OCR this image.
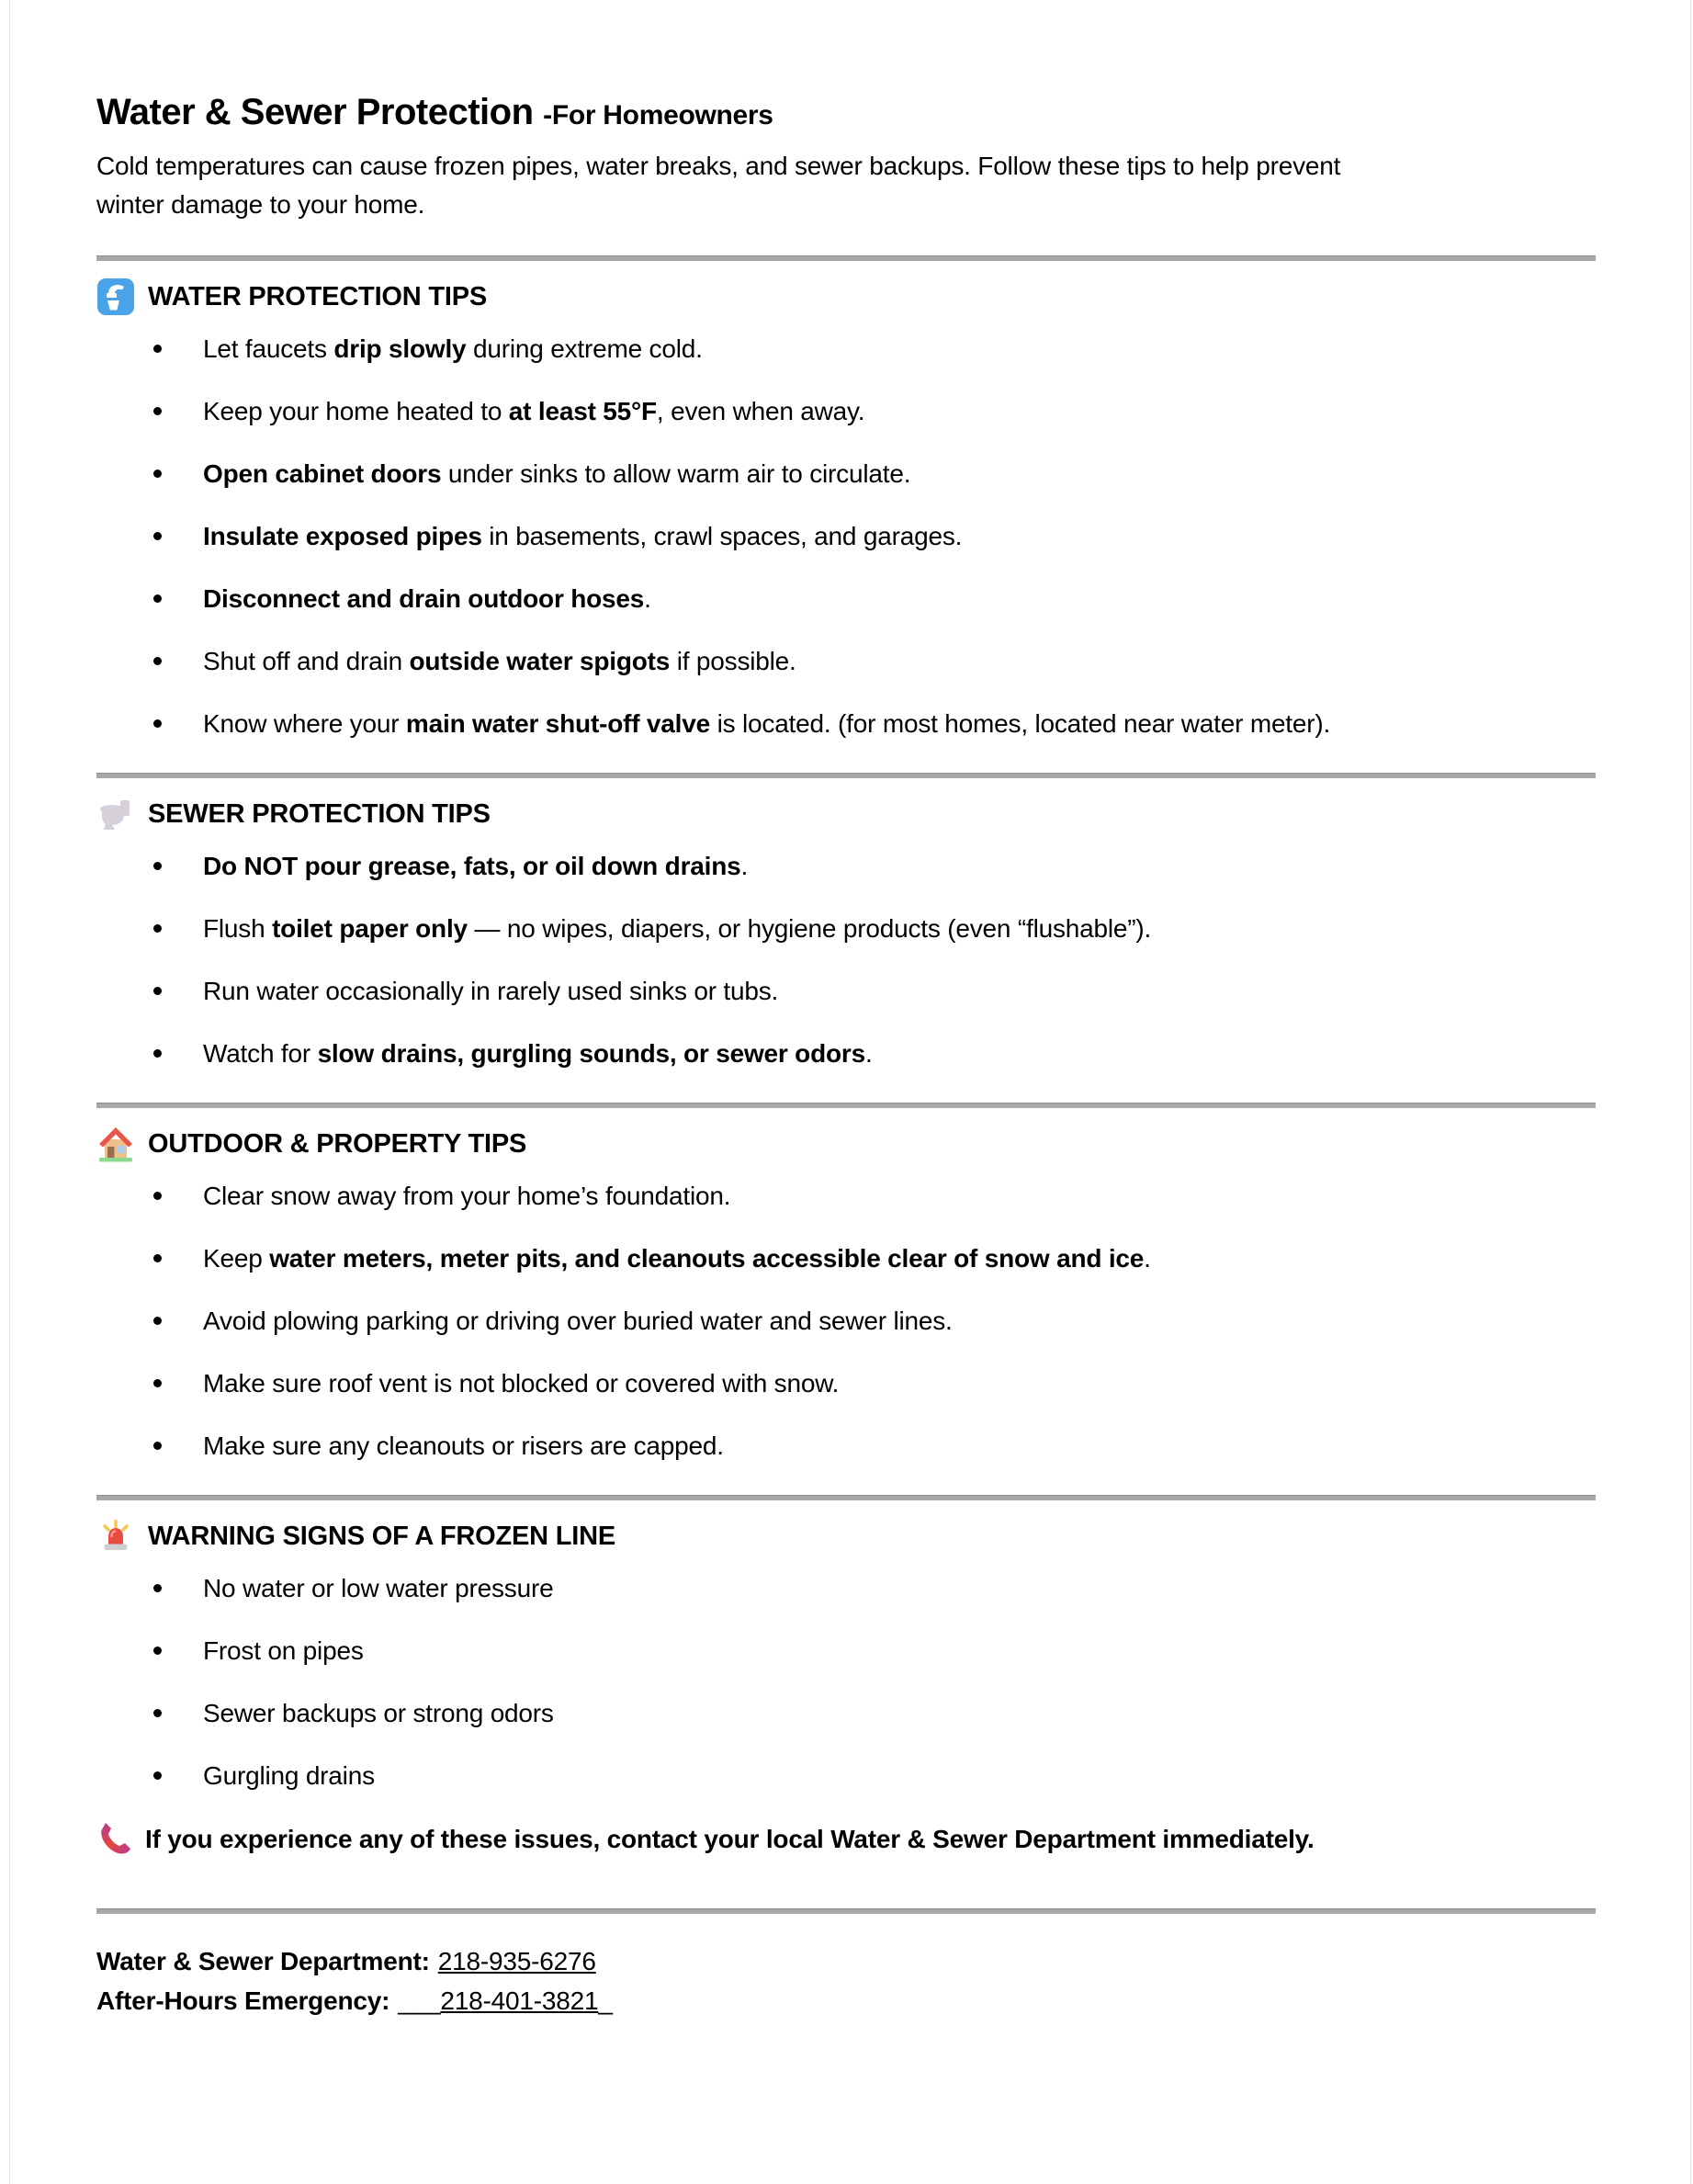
Water & Sewer Protection -For Homeowners
Cold temperatures can cause frozen pipes, water breaks, and sewer backups. Follow these tips to help prevent
winter damage to your home.
WATER PROTECTION TIPS
Let faucets drip slowly during extreme cold.
Keep your home heated to at least 55°F, even when away.
Open cabinet doors under sinks to allow warm air to circulate.
Insulate exposed pipes in basements, crawl spaces, and garages.
Disconnect and drain outdoor hoses.
Shut off and drain outside water spigots if possible.
Know where your main water shut-off valve is located. (for most homes, located near water meter).
SEWER PROTECTION TIPS
Do NOT pour grease, fats, or oil down drains.
Flush toilet paper only — no wipes, diapers, or hygiene products (even “flushable”).
Run water occasionally in rarely used sinks or tubs.
Watch for slow drains, gurgling sounds, or sewer odors.
OUTDOOR & PROPERTY TIPS
Clear snow away from your home’s foundation.
Keep water meters, meter pits, and cleanouts accessible clear of snow and ice.
Avoid plowing parking or driving over buried water and sewer lines.
Make sure roof vent is not blocked or covered with snow.
Make sure any cleanouts or risers are capped.
WARNING SIGNS OF A FROZEN LINE
No water or low water pressure
Frost on pipes
Sewer backups or strong odors
Gurgling drains
If you experience any of these issues, contact your local Water & Sewer Department immediately.
Water & Sewer Department: 218-935-6276
After-Hours Emergency: ___218-401-3821_
